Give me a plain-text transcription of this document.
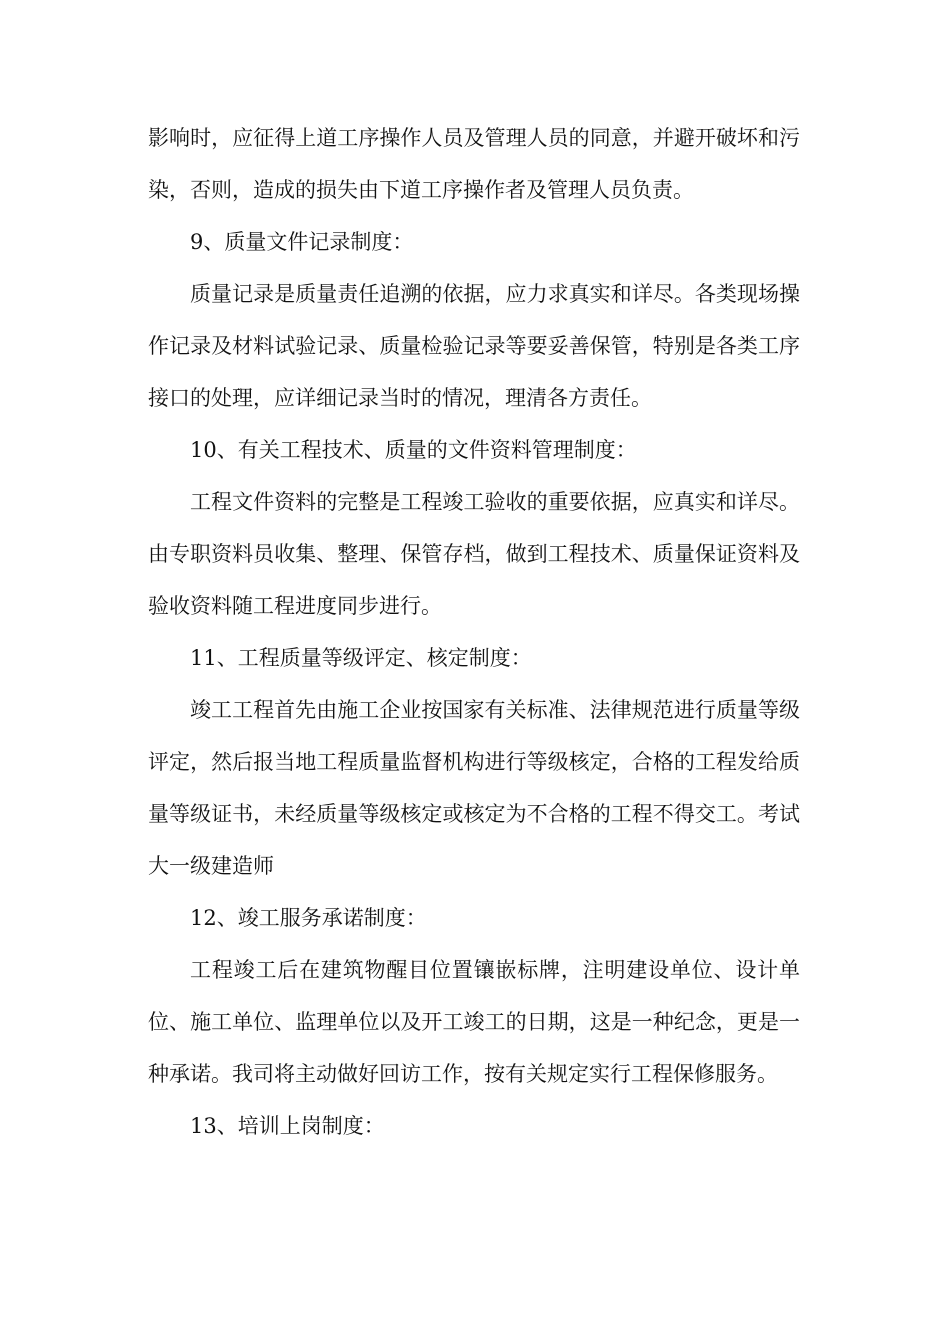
影响时，应征得上道工序操作人员及管理人员的同意，并避开破坏和污染，否则，造成的损失由下道工序操作者及管理人员负责。

9、质量文件记录制度：

质量记录是质量责任追溯的依据，应力求真实和详尽。各类现场操作记录及材料试验记录、质量检验记录等要妥善保管，特别是各类工序接口的处理，应详细记录当时的情况，理清各方责任。

10、有关工程技术、质量的文件资料管理制度：

工程文件资料的完整是工程竣工验收的重要依据，应真实和详尽。由专职资料员收集、整理、保管存档，做到工程技术、质量保证资料及验收资料随工程进度同步进行。

11、工程质量等级评定、核定制度：

竣工工程首先由施工企业按国家有关标准、法律规范进行质量等级评定，然后报当地工程质量监督机构进行等级核定，合格的工程发给质量等级证书，未经质量等级核定或核定为不合格的工程不得交工。考试大一级建造师

12、竣工服务承诺制度：

工程竣工后在建筑物醒目位置镶嵌标牌，注明建设单位、设计单位、施工单位、监理单位以及开工竣工的日期，这是一种纪念，更是一种承诺。我司将主动做好回访工作，按有关规定实行工程保修服务。

13、培训上岗制度：
